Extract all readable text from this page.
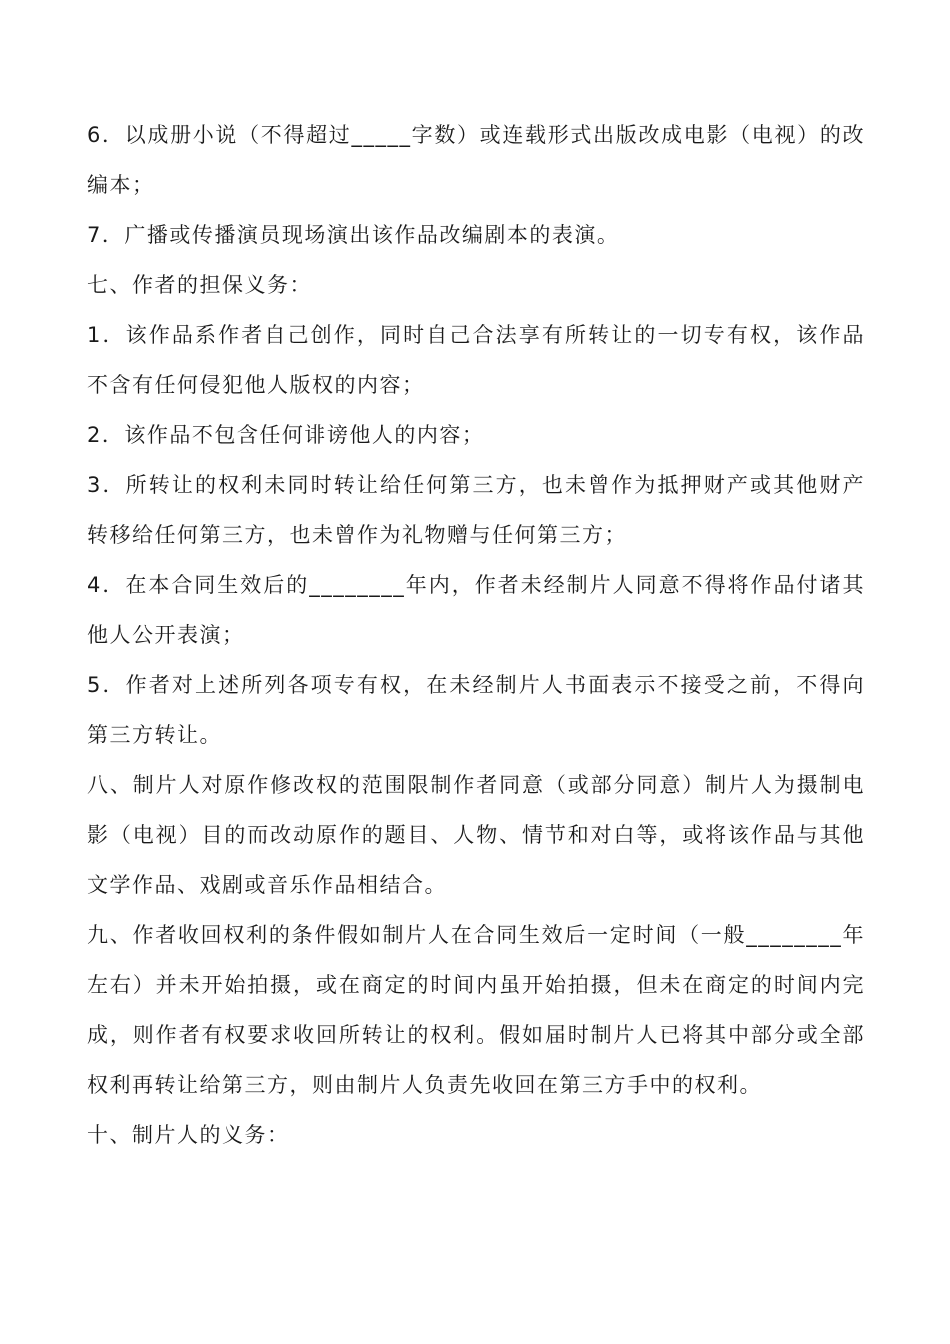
6．以成册小说（不得超过_____字数）或连载形式出版改成电影（电视）的改编本；

7．广播或传播演员现场演出该作品改编剧本的表演。

七、作者的担保义务：

1．该作品系作者自己创作，同时自己合法享有所转让的一切专有权，该作品不含有任何侵犯他人版权的内容；

2．该作品不包含任何诽谤他人的内容；

3．所转让的权利未同时转让给任何第三方，也未曾作为抵押财产或其他财产转移给任何第三方，也未曾作为礼物赠与任何第三方；

4．在本合同生效后的________年内，作者未经制片人同意不得将作品付诸其他人公开表演；

5．作者对上述所列各项专有权，在未经制片人书面表示不接受之前，不得向第三方转让。

八、制片人对原作修改权的范围限制作者同意（或部分同意）制片人为摄制电影（电视）目的而改动原作的题目、人物、情节和对白等，或将该作品与其他文学作品、戏剧或音乐作品相结合。

九、作者收回权利的条件假如制片人在合同生效后一定时间（一般________年左右）并未开始拍摄，或在商定的时间内虽开始拍摄，但未在商定的时间内完成，则作者有权要求收回所转让的权利。假如届时制片人已将其中部分或全部权利再转让给第三方，则由制片人负责先收回在第三方手中的权利。

十、制片人的义务：
